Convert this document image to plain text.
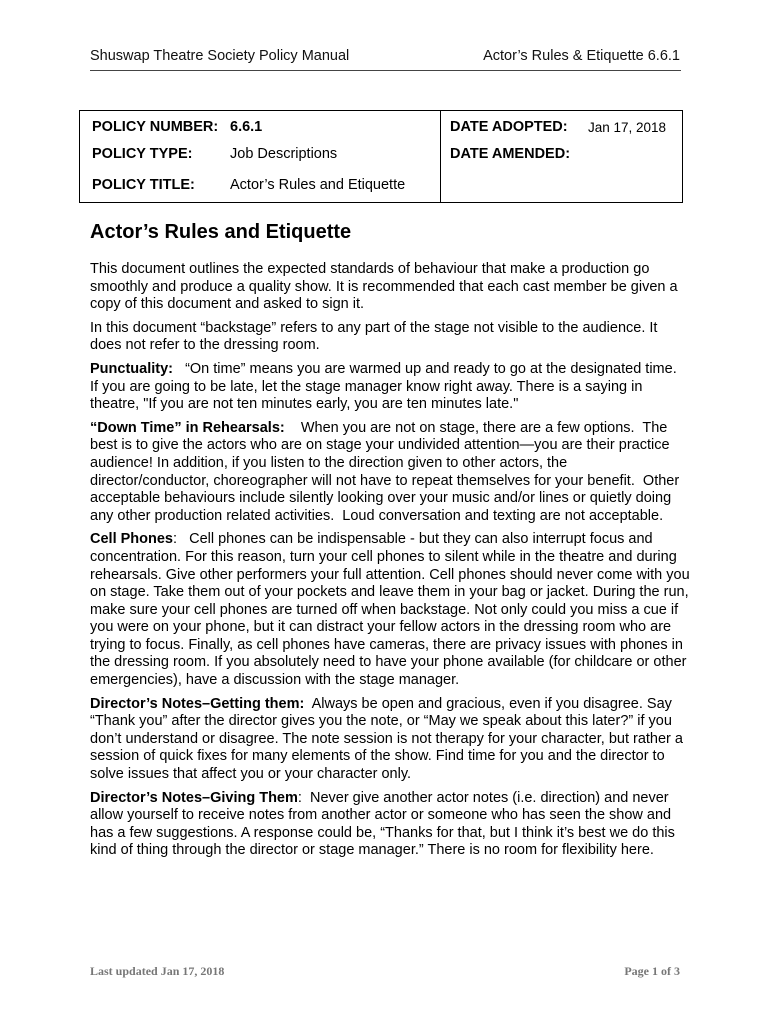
Shuswap Theatre Society Policy Manual	Actor’s Rules & Etiquette 6.6.1
POLICY NUMBER: 6.6.1
POLICY TYPE:	Job Descriptions
POLICY TITLE: Actor’s Rules and Etiquette
DATE ADOPTED: Jan 17, 2018
DATE AMENDED:
Actor’s Rules and Etiquette

This document outlines the expected standards of behaviour that make a production go smoothly and produce a quality show. It is recommended that each cast member be given a copy of this document and asked to sign it.

In this document “backstage” refers to any part of the stage not visible to the audience. It does not refer to the dressing room.

Punctuality:   “On time” means you are warmed up and ready to go at the designated time.  If you are going to be late, let the stage manager know right away. There is a saying in theatre, "If you are not ten minutes early, you are ten minutes late."

“Down Time” in Rehearsals:    When you are not on stage, there are a few options.  The best is to give the actors who are on stage your undivided attention—you are their practice audience! In addition, if you listen to the direction given to other actors, the director/conductor, choreographer will not have to repeat themselves for your benefit.  Other acceptable behaviours include silently looking over your music and/or lines or quietly doing any other production related activities.  Loud conversation and texting are not acceptable.

Cell Phones:   Cell phones can be indispensable - but they can also interrupt focus and concentration. For this reason, turn your cell phones to silent while in the theatre and during rehearsals. Give other performers your full attention. Cell phones should never come with you on stage. Take them out of your pockets and leave them in your bag or jacket. During the run, make sure your cell phones are turned off when backstage. Not only could you miss a cue if you were on your phone, but it can distract your fellow actors in the dressing room who are trying to focus. Finally, as cell phones have cameras, there are privacy issues with phones in the dressing room. If you absolutely need to have your phone available (for childcare or other emergencies), have a discussion with the stage manager.

Director’s Notes–Getting them:  Always be open and gracious, even if you disagree. Say “Thank you” after the director gives you the note, or “May we speak about this later?” if you don’t understand or disagree. The note session is not therapy for your character, but rather a session of quick fixes for many elements of the show. Find time for you and the director to solve issues that affect you or your character only.

Director’s Notes–Giving Them:  Never give another actor notes (i.e. direction) and never allow yourself to receive notes from another actor or someone who has seen the show and has a few suggestions. A response could be, “Thanks for that, but I think it’s best we do this kind of thing through the director or stage manager.” There is no room for flexibility here.

Last updated Jan 17, 2018	Page 1 of 3
